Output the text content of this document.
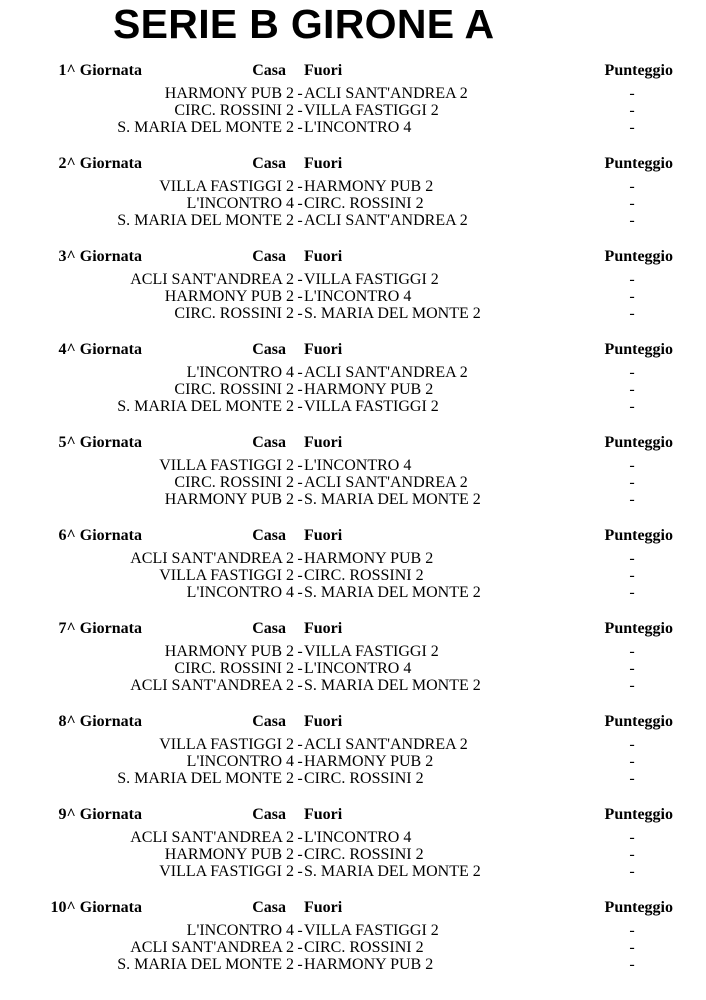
SERIE B GIRONE A
1^ Giornata	Casa Fuori	Punteggio
HARMONY PUB 2 - ACLI SANT'ANDREA 2	-
CIRC. ROSSINI 2 - VILLA FASTIGGI 2	-
S. MARIA DEL MONTE 2 - L'INCONTRO 4	-
2^ Giornata	Casa Fuori	Punteggio
VILLA FASTIGGI 2 - HARMONY PUB 2	-
L'INCONTRO 4 - CIRC. ROSSINI 2	-
S. MARIA DEL MONTE 2 - ACLI SANT'ANDREA 2	-
3^ Giornata	Casa Fuori	Punteggio
ACLI SANT'ANDREA 2 - VILLA FASTIGGI 2	-
HARMONY PUB 2 - L'INCONTRO 4	-
CIRC. ROSSINI 2 - S. MARIA DEL MONTE 2	-
4^ Giornata	Casa Fuori	Punteggio
L'INCONTRO 4 - ACLI SANT'ANDREA 2	-
CIRC. ROSSINI 2 - HARMONY PUB 2	-
S. MARIA DEL MONTE 2 - VILLA FASTIGGI 2	-
5^ Giornata	Casa Fuori	Punteggio
VILLA FASTIGGI 2 - L'INCONTRO 4	-
CIRC. ROSSINI 2 - ACLI SANT'ANDREA 2	-
HARMONY PUB 2 - S. MARIA DEL MONTE 2	-
6^ Giornata	Casa Fuori	Punteggio
ACLI SANT'ANDREA 2 - HARMONY PUB 2	-
VILLA FASTIGGI 2 - CIRC. ROSSINI 2	-
L'INCONTRO 4 - S. MARIA DEL MONTE 2	-
7^ Giornata	Casa Fuori	Punteggio
HARMONY PUB 2 - VILLA FASTIGGI 2	-
CIRC. ROSSINI 2 - L'INCONTRO 4	-
ACLI SANT'ANDREA 2 - S. MARIA DEL MONTE 2	-
8^ Giornata	Casa Fuori	Punteggio
VILLA FASTIGGI 2 - ACLI SANT'ANDREA 2	-
L'INCONTRO 4 - HARMONY PUB 2	-
S. MARIA DEL MONTE 2 - CIRC. ROSSINI 2	-
9^ Giornata	Casa Fuori	Punteggio
ACLI SANT'ANDREA 2 - L'INCONTRO 4	-
HARMONY PUB 2 - CIRC. ROSSINI 2	-
VILLA FASTIGGI 2 - S. MARIA DEL MONTE 2	-
10^ Giornata	Casa Fuori	Punteggio
L'INCONTRO 4 - VILLA FASTIGGI 2	-
ACLI SANT'ANDREA 2 - CIRC. ROSSINI 2	-
S. MARIA DEL MONTE 2 - HARMONY PUB 2	-
